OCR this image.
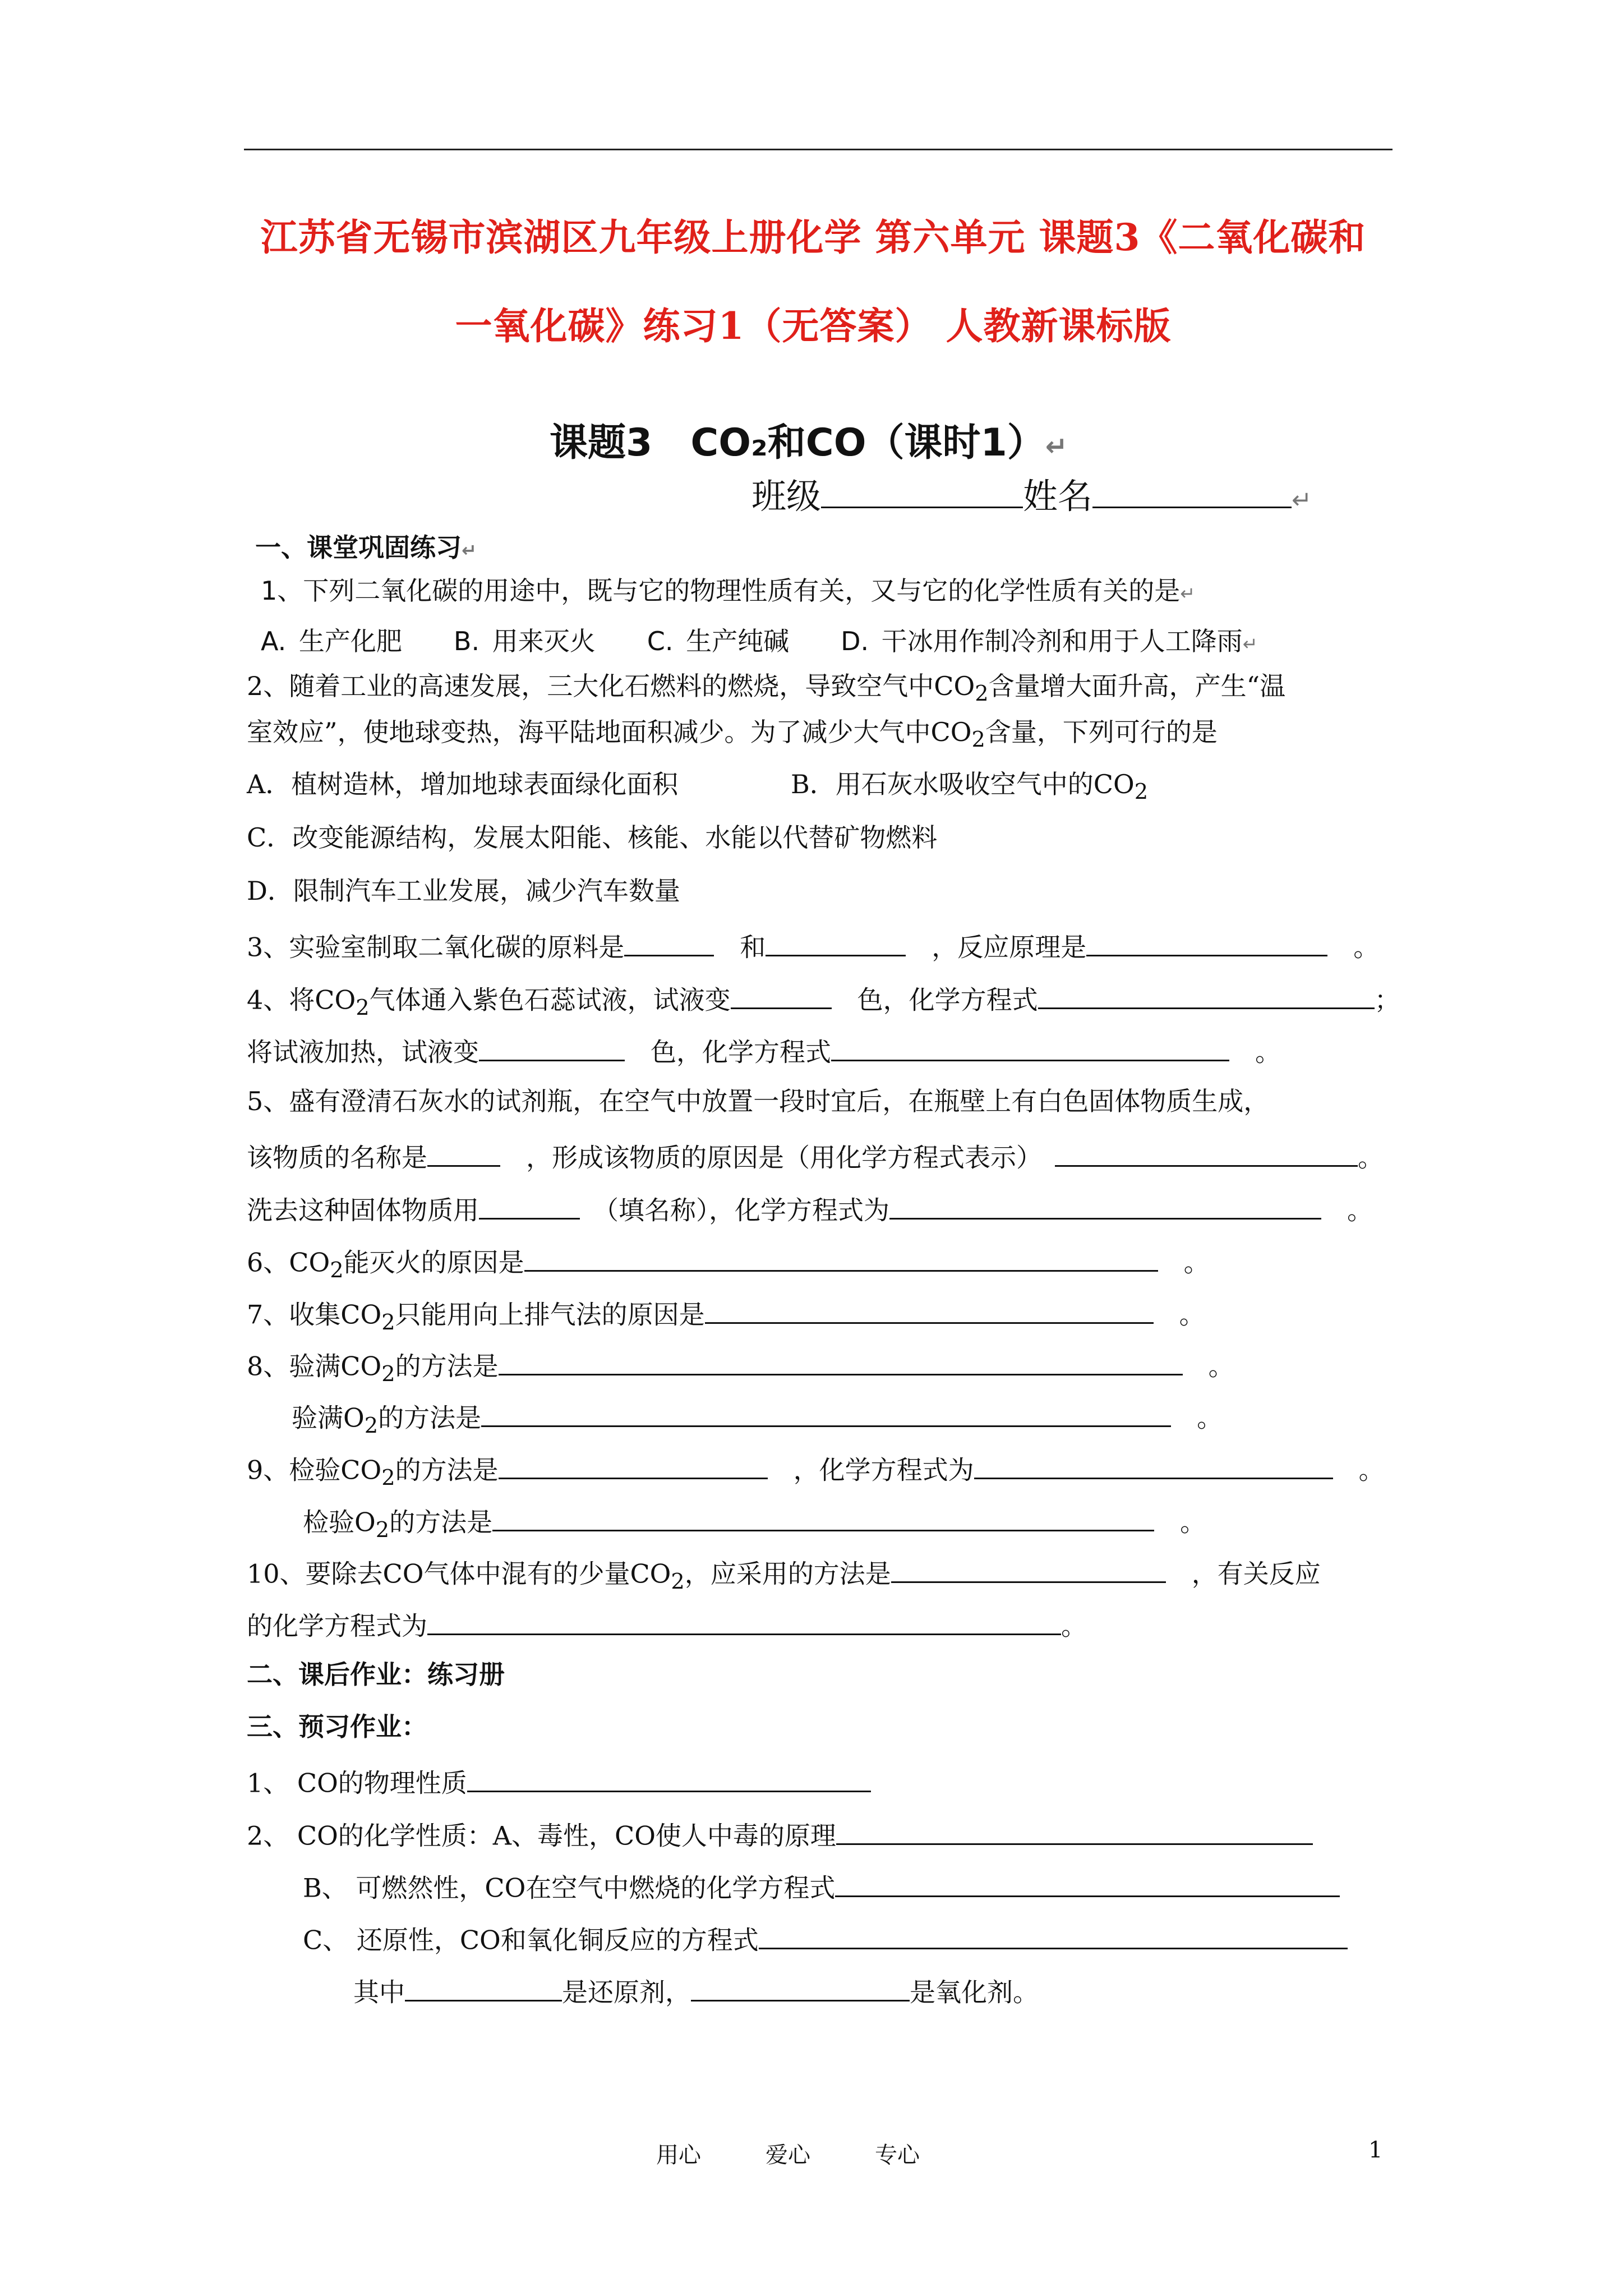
江苏省无锡市滨湖区九年级上册化学 第六单元 课题3《二氧化碳和
一氧化碳》练习1（无答案） 人教新课标版
课题3　CO₂和CO（课时1）↵
班级	姓名	↵
一、课堂巩固练习↵
1、下列二氧化碳的用途中，既与它的物理性质有关，又与它的化学性质有关的是↵
A. 生产化肥　　B. 用来灭火　　C. 生产纯碱　　D. 干冰用作制冷剂和用于人工降雨↵
2、随着工业的高速发展，三大化石燃料的燃烧，导致空气中$CO_2$含量增大面升高，产生“温
室效应”，使地球变热，海平陆地面积减少。为了减少大气中$CO_2$含量，下列可行的是
A．植树造林，增加地球表面绿化面积	B．用石灰水吸收空气中的$CO_2$
C．改变能源结构，发展太阳能、核能、水能以代替矿物燃料
D．限制汽车工业发展，减少汽车数量
3、实验室制取二氧化碳的原料是　	和　	，反应原理是　	。
4、将$CO_2$气体通入紫色石蕊试液，试液变　	色，化学方程式	；
将试液加热，试液变　	色，化学方程式　	。
5、盛有澄清石灰水的试剂瓶，在空气中放置一段时宜后，在瓶壁上有白色固体物质生成，
该物质的名称是　	，形成该物质的原因是（用化学方程式表示）　	。
洗去这种固体物质用　	（填名称），化学方程式为　	。
6、$CO_2$能灭火的原因是　	。
7、收集$CO_2$只能用向上排气法的原因是　	。
8、验满$CO_2$的方法是　	。
验满$O_2$的方法是　	。
9、检验$CO_2$的方法是　	，化学方程式为　	。
检验$O_2$的方法是　	。
10、要除去CO气体中混有的少量$CO_2$，应采用的方法是　	，有关反应
的化学方程式为	。
二、课后作业：练习册
三、预习作业：
1、 CO的物理性质
2、 CO的化学性质：A、毒性，CO使人中毒的原理
B、 可燃然性，CO在空气中燃烧的化学方程式
C、 还原性，CO和氧化铜反应的方程式
其中	是还原剂，	是氧化剂。
用心	爱心	专心	1
